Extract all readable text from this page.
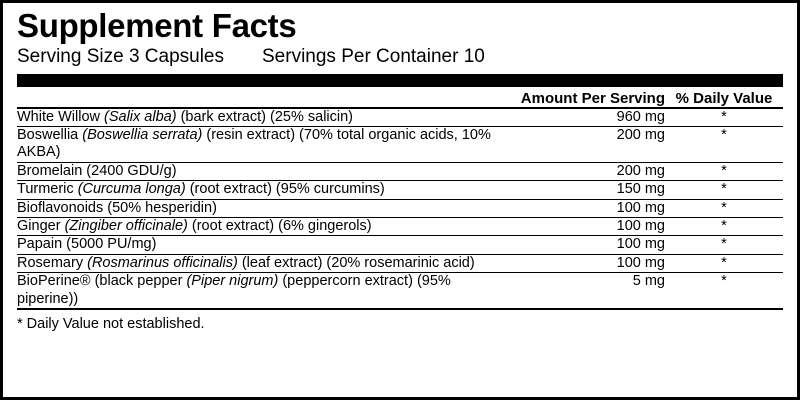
Supplement Facts
Serving Size 3 Capsules Servings Per Container 10
	Amount Per Serving	% Daily Value
White Willow (Salix alba) (bark extract) (25% salicin)	960 mg	*
Boswellia (Boswellia serrata) (resin extract) (70% total organic acids, 10% AKBA)	200 mg	*
Bromelain (2400 GDU/g)	200 mg	*
Turmeric (Curcuma longa) (root extract) (95% curcumins)	150 mg	*
Bioflavonoids (50% hesperidin)	100 mg	*
Ginger (Zingiber officinale) (root extract) (6% gingerols)	100 mg	*
Papain (5000 PU/mg)	100 mg	*
Rosemary (Rosmarinus officinalis) (leaf extract) (20% rosemarinic acid)	100 mg	*
BioPerine® (black pepper (Piper nigrum) (peppercorn extract) (95% piperine))	5 mg	*
* Daily Value not established.
